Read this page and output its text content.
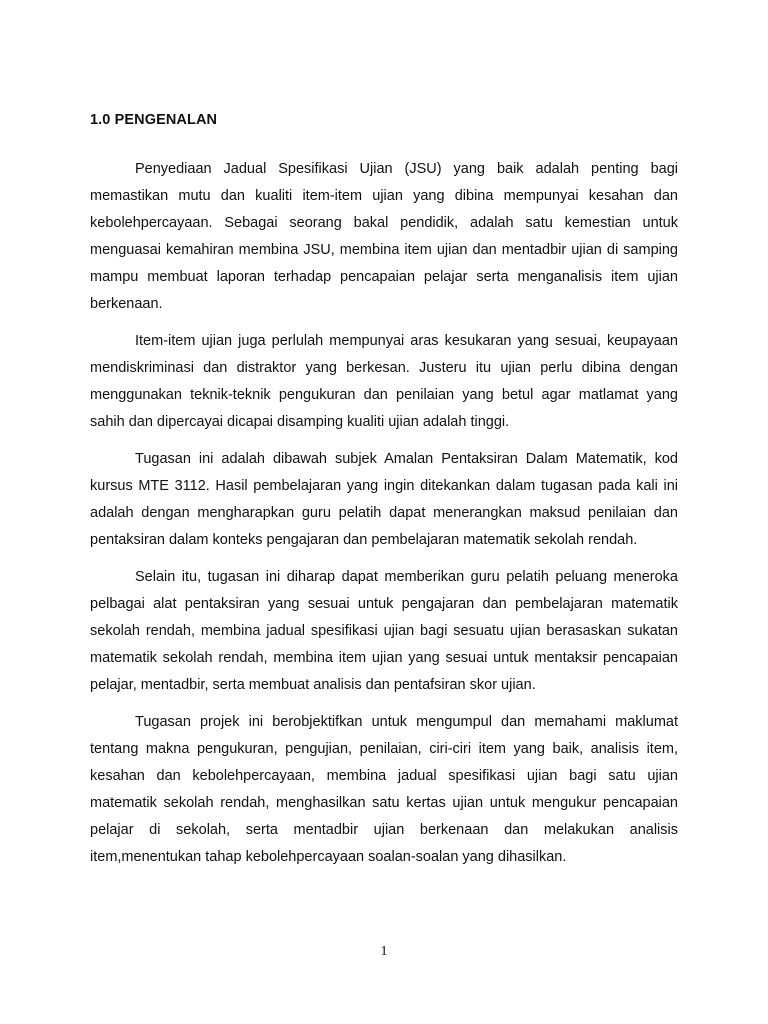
1.0 PENGENALAN

Penyediaan Jadual Spesifikasi Ujian (JSU) yang baik adalah penting bagi memastikan mutu dan kualiti item-item ujian yang dibina mempunyai kesahan dan kebolehpercayaan. Sebagai seorang bakal pendidik, adalah satu kemestian untuk menguasai kemahiran membina JSU, membina item ujian dan mentadbir ujian di samping mampu membuat laporan terhadap pencapaian pelajar serta menganalisis item ujian berkenaan.

Item-item ujian juga perlulah mempunyai aras kesukaran yang sesuai, keupayaan mendiskriminasi dan distraktor yang berkesan. Justeru itu ujian perlu dibina dengan menggunakan teknik-teknik pengukuran dan penilaian yang betul agar matlamat yang sahih dan dipercayai dicapai disamping kualiti ujian adalah tinggi.

Tugasan ini adalah dibawah subjek Amalan Pentaksiran Dalam Matematik, kod kursus MTE 3112. Hasil pembelajaran yang ingin ditekankan dalam tugasan pada kali ini adalah dengan mengharapkan guru pelatih dapat menerangkan maksud penilaian dan pentaksiran dalam konteks pengajaran dan pembelajaran matematik sekolah rendah.

Selain itu, tugasan ini diharap dapat memberikan guru pelatih peluang meneroka pelbagai alat pentaksiran yang sesuai untuk pengajaran dan pembelajaran matematik sekolah rendah, membina jadual spesifikasi ujian bagi sesuatu ujian berasaskan sukatan matematik sekolah rendah, membina item ujian yang sesuai untuk mentaksir pencapaian pelajar, mentadbir, serta membuat analisis dan pentafsiran skor ujian.

Tugasan projek ini berobjektifkan untuk mengumpul dan memahami maklumat tentang makna pengukuran, pengujian, penilaian, ciri-ciri item yang baik, analisis item, kesahan dan kebolehpercayaan, membina jadual spesifikasi ujian bagi satu ujian matematik sekolah rendah, menghasilkan satu kertas ujian untuk mengukur pencapaian pelajar di sekolah, serta mentadbir ujian berkenaan dan melakukan analisis item,menentukan tahap kebolehpercayaan soalan-soalan yang dihasilkan.

1
